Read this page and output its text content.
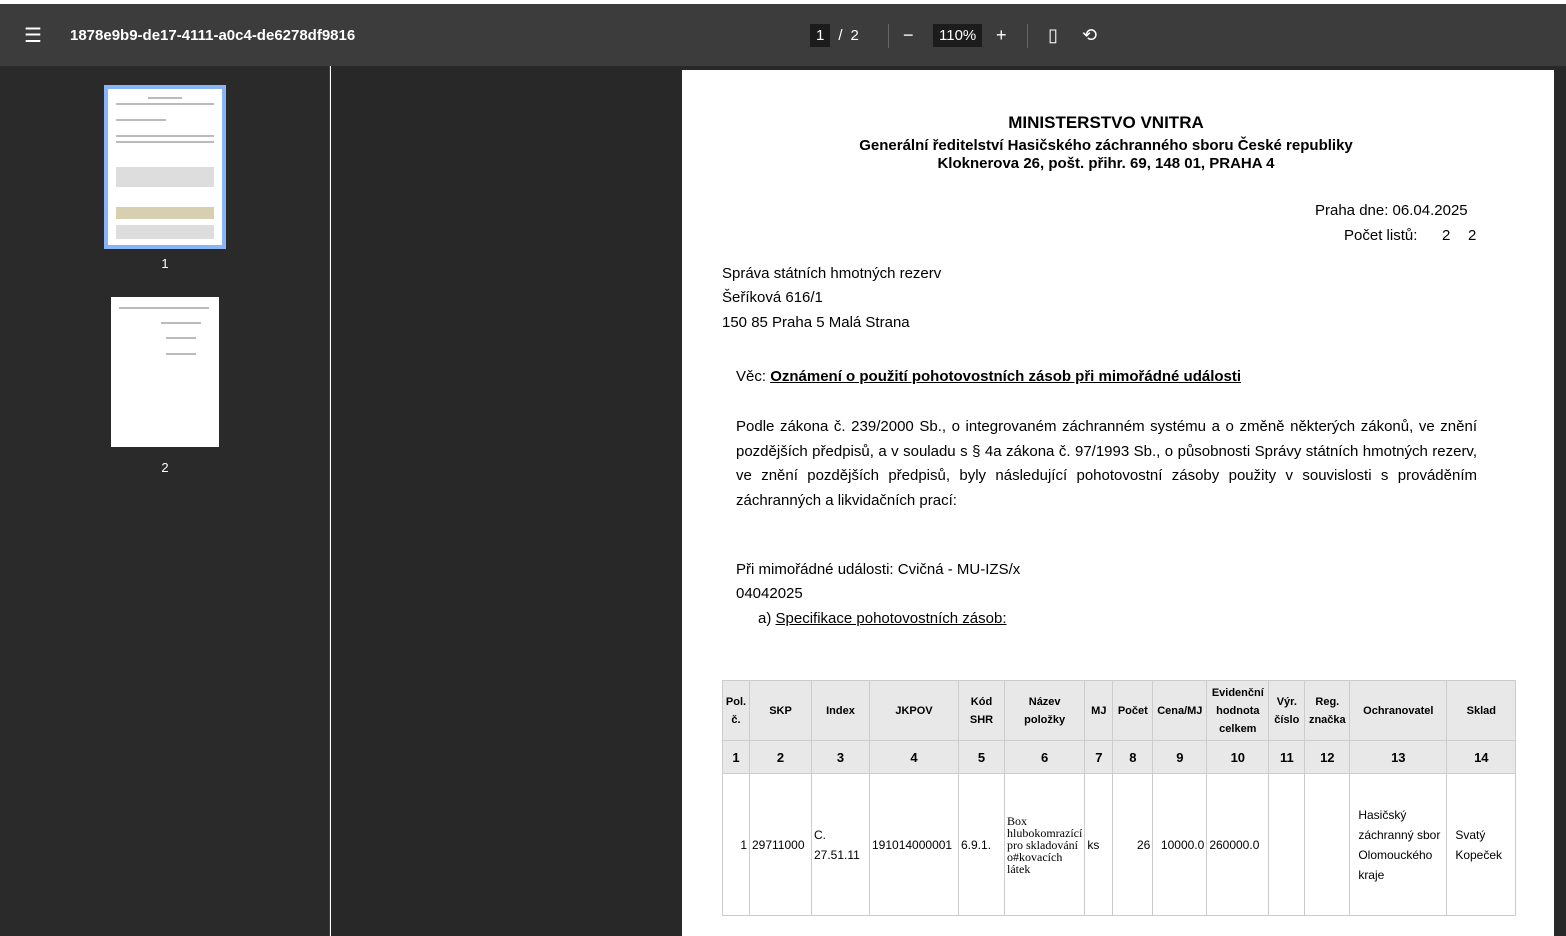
☰ 1878e9b9-de17-4111-a0c4-de6278df9816	1 / 2 −	110%	+ ▯ ⟲
1
2
MINISTERSTVO VNITRA
Generální ředitelství Hasičského záchranného sboru České republiky
Kloknerova 26, pošt. přihr. 69, 148 01, PRAHA 4
Praha dne: 06.04.2025
Počet listů: 2 2
Správa státních hmotných rezerv
Šeříková 616/1
150 85 Praha 5 Malá Strana
Věc: Oznámení o použití pohotovostních zásob při mimořádné události
Podle zákona č. 239/2000 Sb., o integrovaném záchranném systému a o změně některých zákonů, ve znění pozdějších předpisů, a v souladu s § 4a zákona č. 97/1993 Sb., o působnosti Správy státních hmotných rezerv, ve znění pozdějších předpisů, byly následující pohotovostní zásoby použity v souvislosti s prováděním záchranných a likvidačních prací:
Při mimořádné události: Cvičná - MU-IZS/x
04042025
a) Specifikace pohotovostních zásob:
Pol. č.	SKP	Index	JKPOV	Kód SHR	Název položky	MJ	Počet	Cena/MJ	Evidenční hodnota celkem	Výr. číslo	Reg. značka	Ochranovatel	Sklad
1	2	3	4	5	6	7	8	9	10	11	12	13	14
1	29711000	C. 27.51.11	191014000001	6.9.1.	Box hlubokomrazící pro skladování o#kovacích látek	ks	26	10000.0	260000.0			Hasičský záchranný sbor Olomouckého kraje	Svatý Kopeček
